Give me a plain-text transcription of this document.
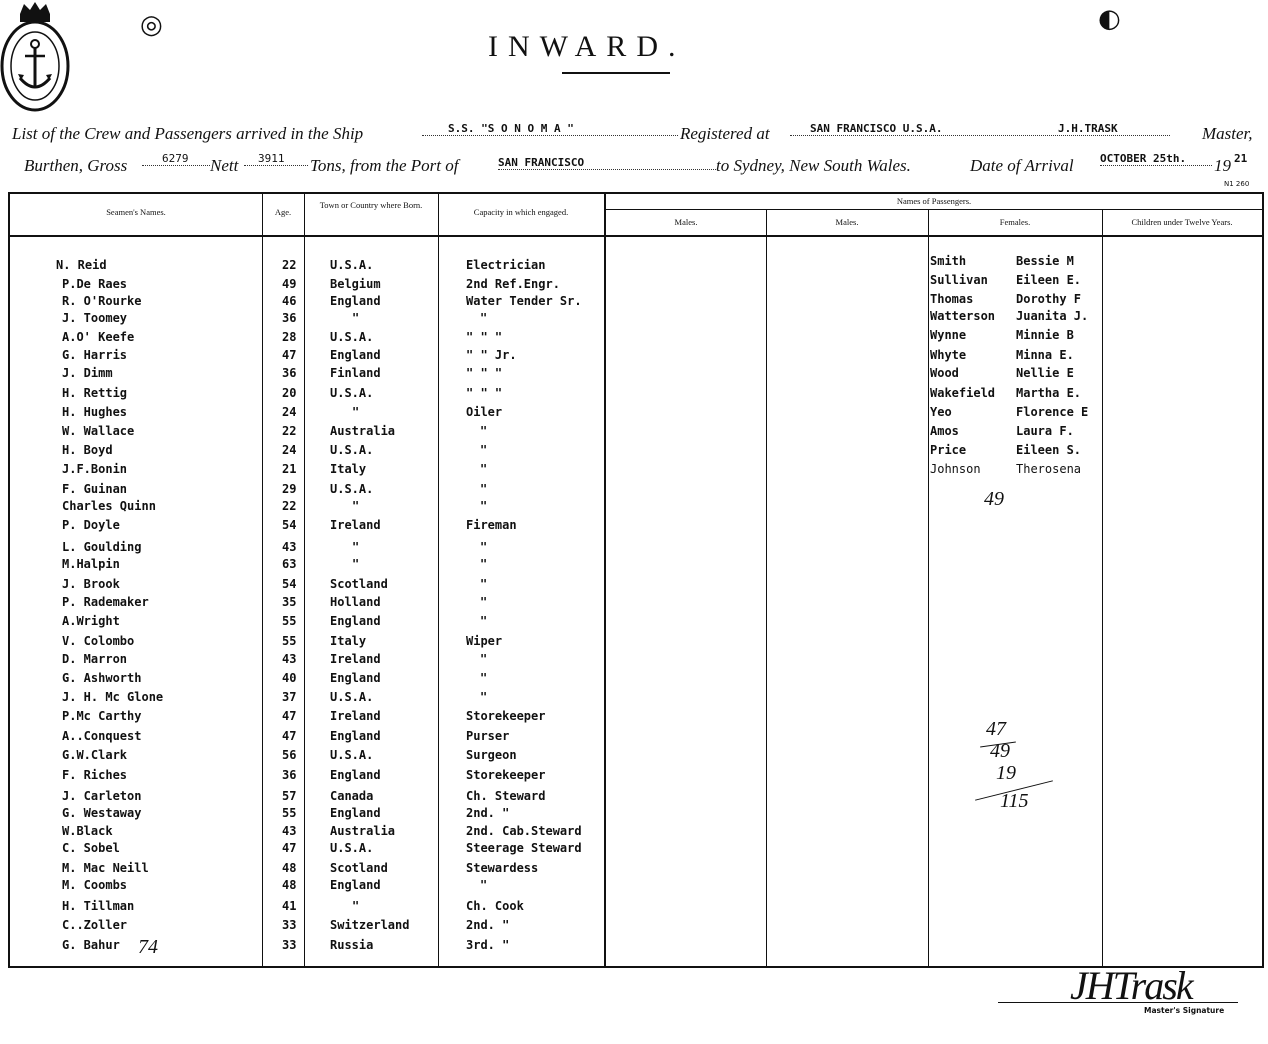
MASTERS DEPARTMENT · SYDNEY
◎	◐
INWARD.
List of the Crew and Passengers arrived in the Ship	S.S. "S O N O M A "	Registered at	SAN FRANCISCO U.S.A.	J.H.TRASK	Master,
Burthen, Gross	6279	Nett	3911	Tons, from the Port of	SAN FRANCISCO	to Sydney, New South Wales.	Date of Arrival OCTOBER 25th.	19 21
N1 260
Seamen's Names.	Age.
Town or Country where Born.
Capacity in which engaged.
Names of Passengers.
Males.	Males.	Females.	Children under Twelve Years.
N. Reid	22	U.S.A.	Electrician
P.De Raes	49	Belgium	2nd Ref.Engr.
R. O'Rourke	46	England	Water Tender Sr.
J. Toomey	36	"	"
A.O' Keefe	28	U.S.A.	" " "
G. Harris	47	England	" " Jr.
J. Dimm	36	Finland	" " "
H. Rettig	20	U.S.A.	" " "
H. Hughes	24	"	Oiler
W. Wallace	22	Australia	"
H. Boyd	24	U.S.A.	"
J.F.Bonin	21	Italy	"
F. Guinan	29	U.S.A.	"
Charles Quinn	22	"	"
P. Doyle	54	Ireland	Fireman
L. Goulding	43	"	"
M.Halpin	63	"	"
J. Brook	54	Scotland	"
P. Rademaker	35	Holland	"
A.Wright	55	England	"
V. Colombo	55	Italy	Wiper
D. Marron	43	Ireland	"
G. Ashworth	40	England	"
J. H. Mc Glone	37	U.S.A.	"
P.Mc Carthy	47	Ireland	Storekeeper
A..Conquest	47	England	Purser
G.W.Clark	56	U.S.A.	Surgeon
F. Riches	36	England	Storekeeper
J. Carleton	57	Canada	Ch. Steward
G. Westaway	55	England	2nd. "
W.Black	43	Australia	2nd. Cab.Steward
C. Sobel	47	U.S.A.	Steerage Steward
M. Mac Neill	48	Scotland	Stewardess
M. Coombs	48	England	"
H. Tillman	41	"	Ch. Cook
C..Zoller	33	Switzerland	2nd. "
G. Bahur	33	Russia	3rd. "
Smith	Bessie M
Sullivan Eileen E.
Thomas	Dorothy F
Watterson Juanita J.
Wynne	Minnie B
Whyte	Minna E.
Wood	Nellie E
Wakefield Martha E.
Yeo	Florence E
Amos	Laura F.
Price	Eileen S.
Johnson	Therosena
49
74
47
49
19
115
JHTrask
Master's Signature
